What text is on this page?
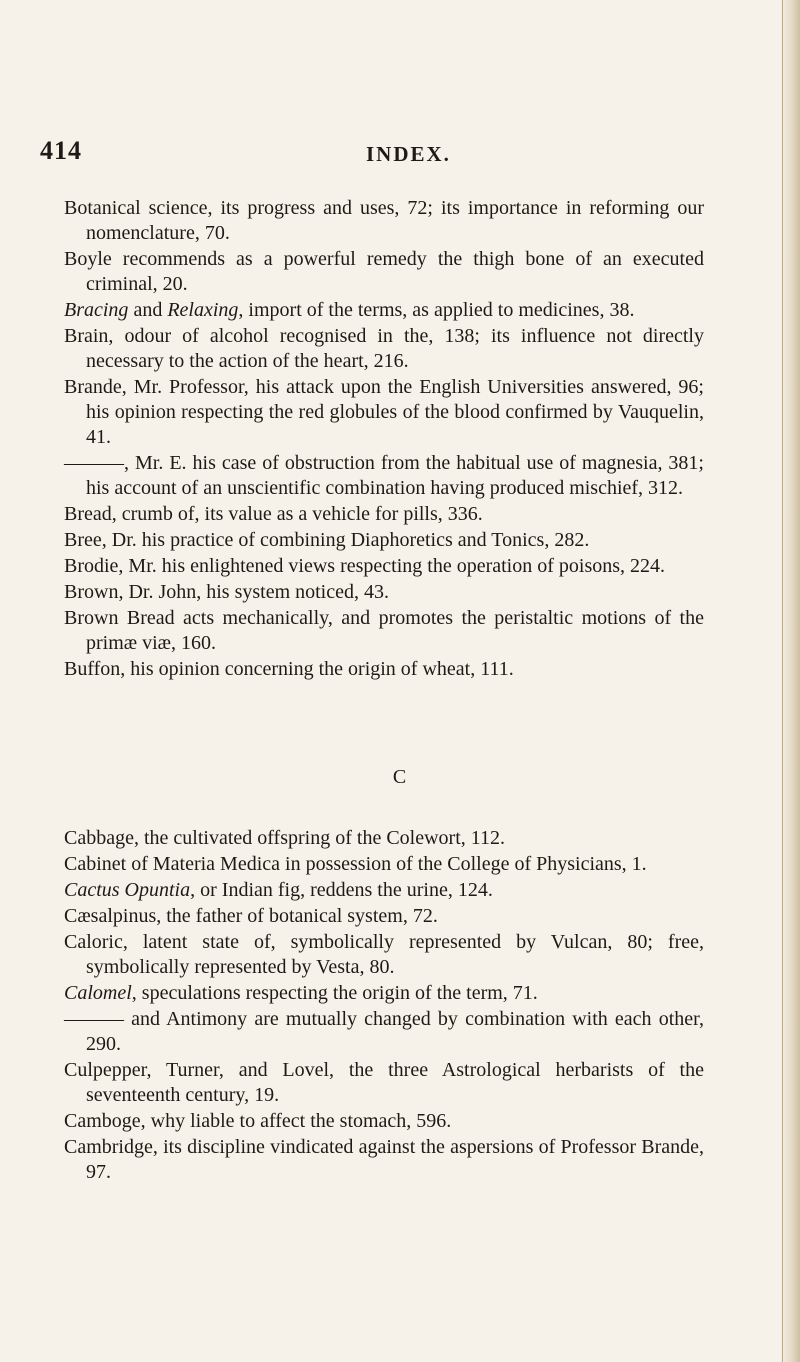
414	INDEX.

Botanical science, its progress and uses, 72; its importance in reforming our nomenclature, 70.

Boyle recommends as a powerful remedy the thigh bone of an executed criminal, 20.

Bracing and Relaxing, import of the terms, as applied to medicines, 38.

Brain, odour of alcohol recognised in the, 138; its influence not directly necessary to the action of the heart, 216.

Brande, Mr. Professor, his attack upon the English Universities answered, 96; his opinion respecting the red globules of the blood confirmed by Vauquelin, 41.

———, Mr. E. his case of obstruction from the habitual use of magnesia, 381; his account of an unscientific combination having produced mischief, 312.

Bread, crumb of, its value as a vehicle for pills, 336.

Bree, Dr. his practice of combining Diaphoretics and Tonics, 282.

Brodie, Mr. his enlightened views respecting the operation of poisons, 224.

Brown, Dr. John, his system noticed, 43.

Brown Bread acts mechanically, and promotes the peristaltic motions of the primæ viæ, 160.

Buffon, his opinion concerning the origin of wheat, 111.

C

Cabbage, the cultivated offspring of the Colewort, 112.

Cabinet of Materia Medica in possession of the College of Physicians, 1.

Cactus Opuntia, or Indian fig, reddens the urine, 124.

Cæsalpinus, the father of botanical system, 72.

Caloric, latent state of, symbolically represented by Vulcan, 80; free, symbolically represented by Vesta, 80.

Calomel, speculations respecting the origin of the term, 71.

——— and Antimony are mutually changed by combination with each other, 290.

Culpepper, Turner, and Lovel, the three Astrological herbarists of the seventeenth century, 19.

Camboge, why liable to affect the stomach, 596.

Cambridge, its discipline vindicated against the aspersions of Professor Brande, 97.
